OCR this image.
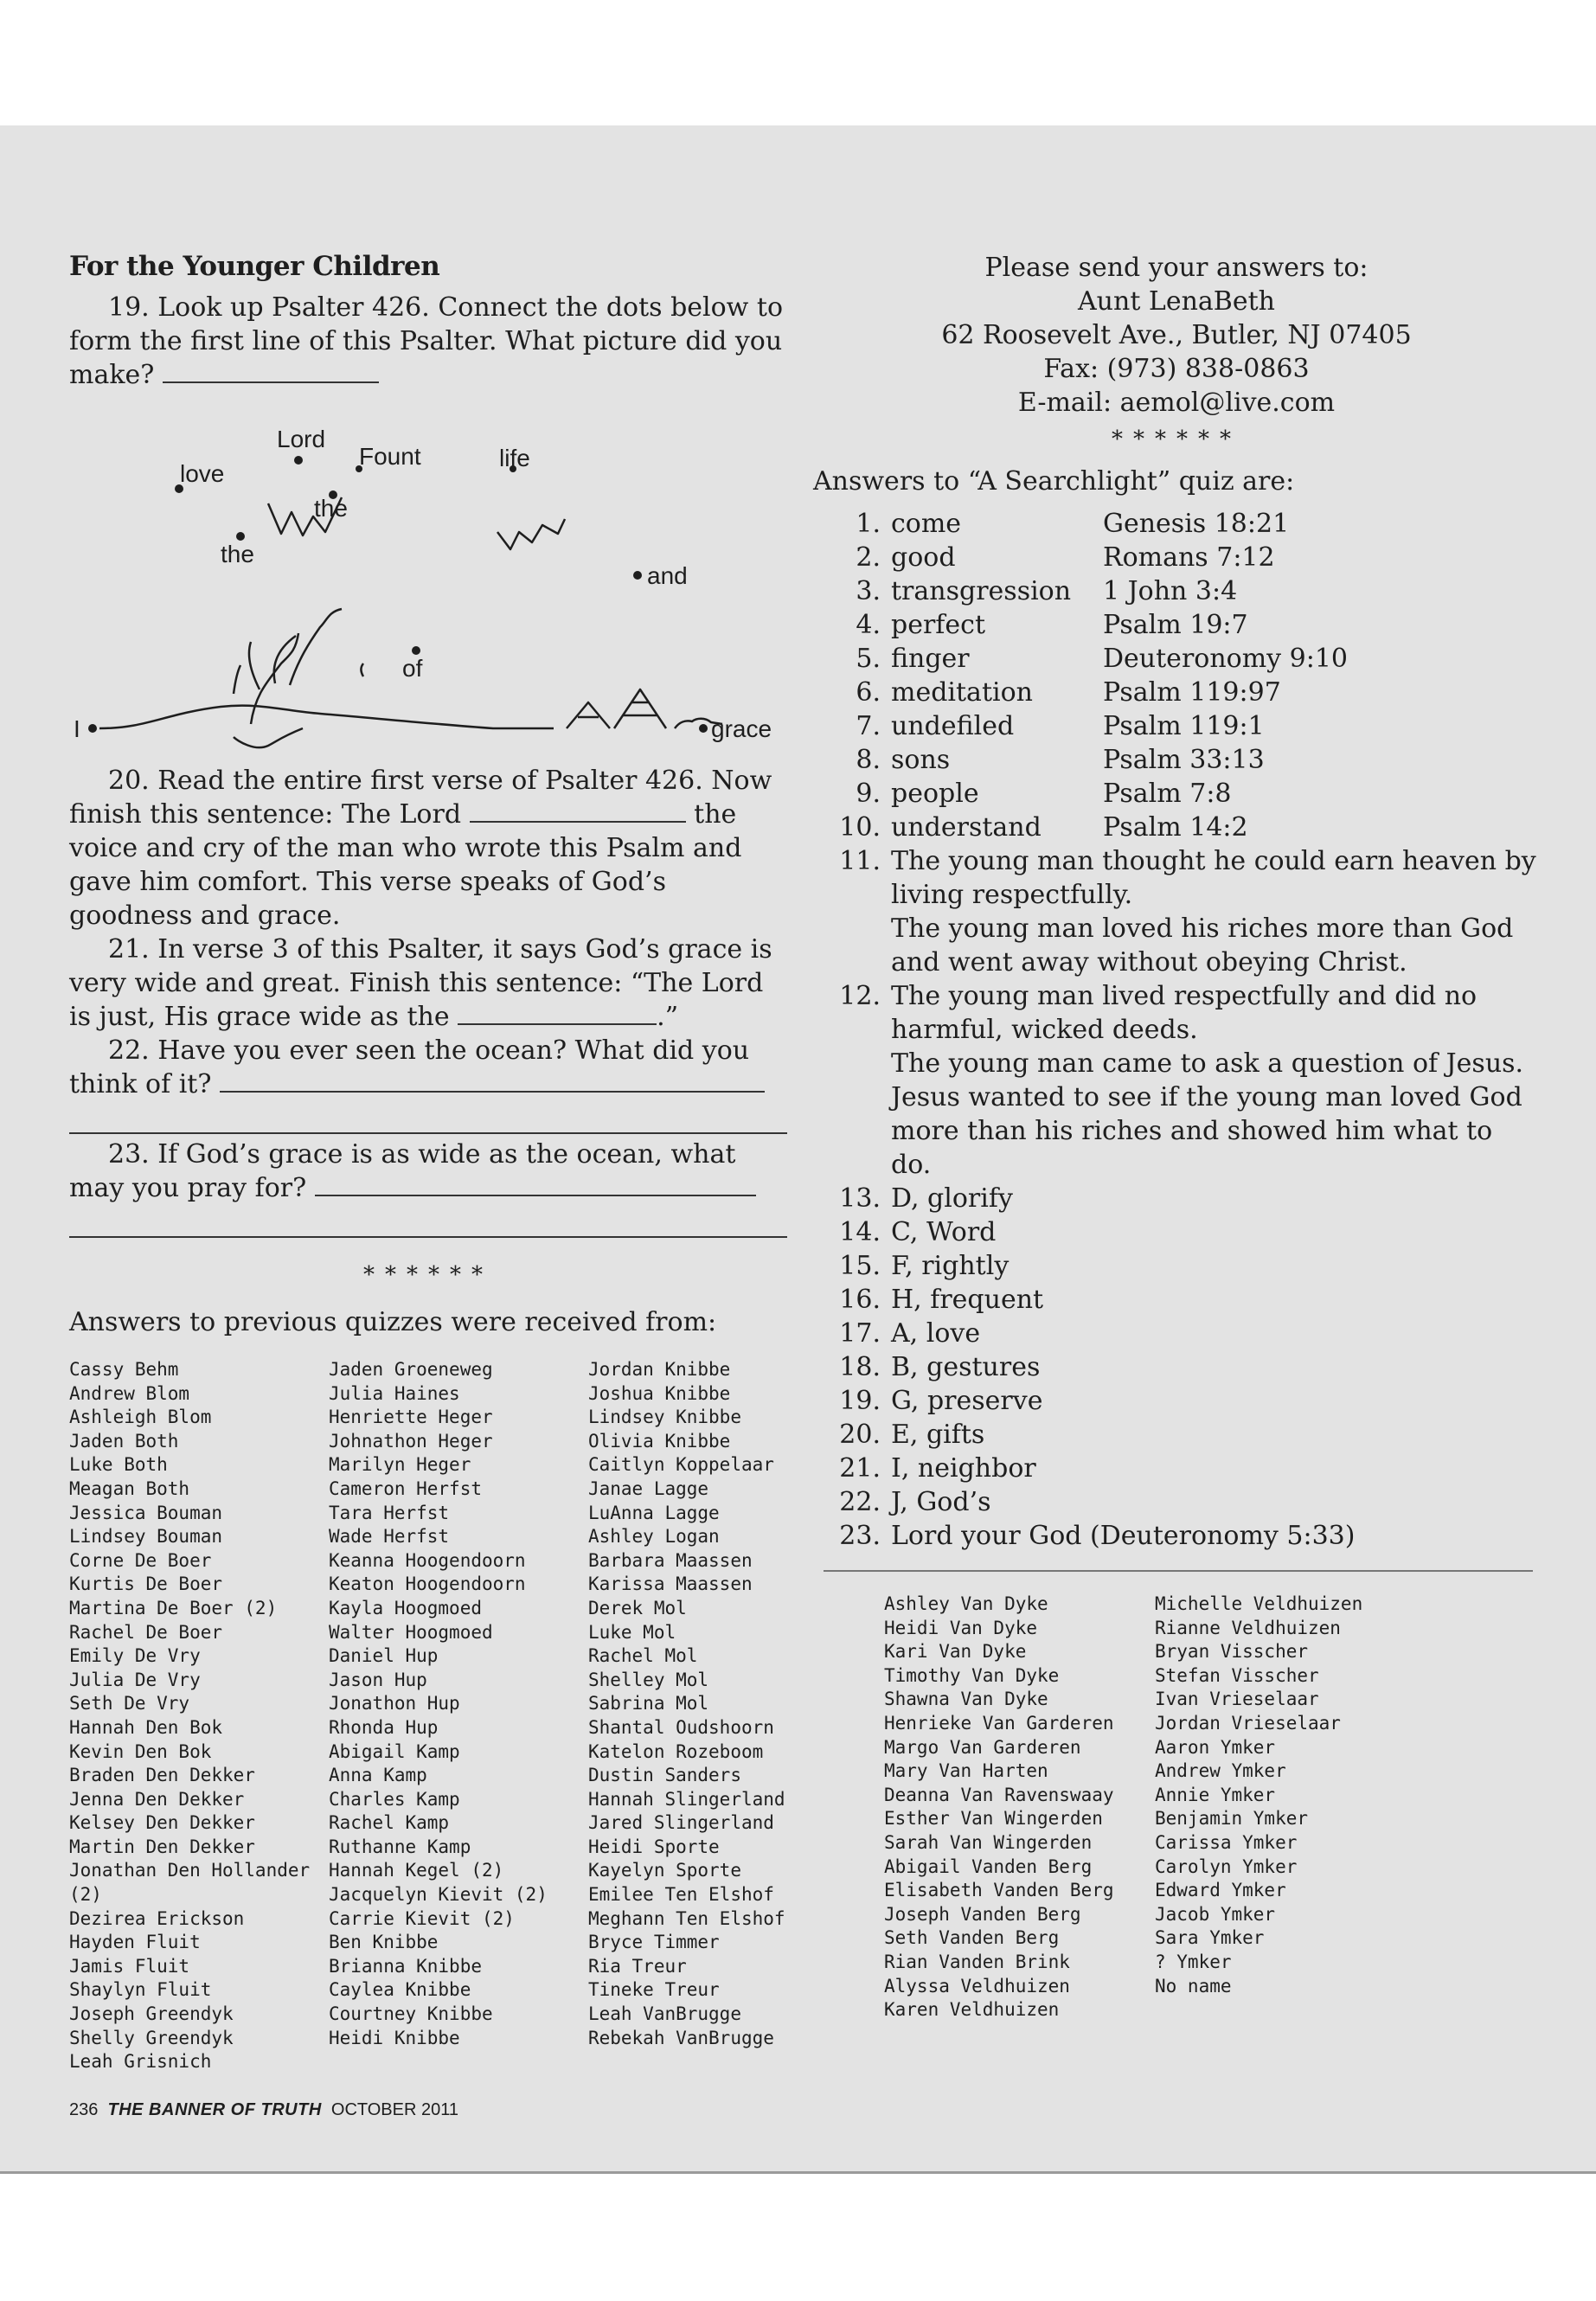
For the Younger Children

19. Look up Psalter 426. Connect the dots below to form the first line of this Psalter. What picture did you make?

Lord
Fount	life
love
the
the
and
of
I	grace

20. Read the entire first verse of Psalter 426. Now finish this sentence: The Lord	the voice and cry of the man who wrote this Psalm and gave him comfort. This verse speaks of God’s goodness and grace.

21. In verse 3 of this Psalter, it says God’s grace is very wide and great. Finish this sentence: “The Lord is just, His grace wide as the	.”

22. Have you ever seen the ocean? What did you think of it?

23. If God’s grace is as wide as the ocean, what may you pray for?

******

Answers to previous quizzes were received from:

Cassy Behm
Andrew Blom
Ashleigh Blom
Jaden Both
Luke Both
Meagan Both
Jessica Bouman
Lindsey Bouman
Corne De Boer
Kurtis De Boer
Martina De Boer (2)
Rachel De Boer
Emily De Vry
Julia De Vry
Seth De Vry
Hannah Den Bok
Kevin Den Bok
Braden Den Dekker
Jenna Den Dekker
Kelsey Den Dekker
Martin Den Dekker
Jonathan Den Hollander (2)
Dezirea Erickson
Hayden Fluit
Jamis Fluit
Shaylyn Fluit
Joseph Greendyk
Shelly Greendyk
Leah Grisnich
Jaden Groeneweg
Julia Haines
Henriette Heger
Johnathon Heger
Marilyn Heger
Cameron Herfst
Tara Herfst
Wade Herfst
Keanna Hoogendoorn
Keaton Hoogendoorn
Kayla Hoogmoed
Walter Hoogmoed
Daniel Hup
Jason Hup
Jonathon Hup
Rhonda Hup
Abigail Kamp
Anna Kamp
Charles Kamp
Rachel Kamp
Ruthanne Kamp
Hannah Kegel (2)
Jacquelyn Kievit (2)
Carrie Kievit (2)
Ben Knibbe
Brianna Knibbe
Caylea Knibbe
Courtney Knibbe
Heidi Knibbe
Jordan Knibbe
Joshua Knibbe
Lindsey Knibbe
Olivia Knibbe
Caitlyn Koppelaar
Janae Lagge
LuAnna Lagge
Ashley Logan
Barbara Maassen
Karissa Maassen
Derek Mol
Luke Mol
Rachel Mol
Shelley Mol
Sabrina Mol
Shantal Oudshoorn
Katelon Rozeboom
Dustin Sanders
Hannah Slingerland
Jared Slingerland
Heidi Sporte
Kayelyn Sporte
Emilee Ten Elshof
Meghann Ten Elshof
Bryce Timmer
Ria Treur
Tineke Treur
Leah VanBrugge
Rebekah VanBrugge
Please send your answers to:
Aunt LenaBeth
62 Roosevelt Ave., Butler, NJ 07405
Fax: (973) 838-0863
E-mail: aemol@live.com
******

Answers to “A Searchlight” quiz are:

1. come	Genesis 18:21
2. good	Romans 7:12
3. transgression	1 John 3:4
4. perfect	Psalm 19:7
5. finger	Deuteronomy 9:10
6. meditation	Psalm 119:97
7. undefiled	Psalm 119:1
8. sons	Psalm 33:13
9. people	Psalm 7:8
10. understand	Psalm 14:2
11. The young man thought he could earn heaven by living respectfully.
The young man loved his riches more than God and went away without obeying Christ.
12. The young man lived respectfully and did no harmful, wicked deeds.
The young man came to ask a question of Jesus. Jesus wanted to see if the young man loved God more than his riches and showed him what to do.
13. D, glorify
14. C, Word
15. F, rightly
16. H, frequent
17. A, love
18. B, gestures
19. G, preserve
20. E, gifts
21. I, neighbor
22. J, God’s
23. Lord your God (Deuteronomy 5:33)
Ashley Van Dyke
Heidi Van Dyke
Kari Van Dyke
Timothy Van Dyke
Shawna Van Dyke
Henrieke Van Garderen
Margo Van Garderen
Mary Van Harten
Deanna Van Ravenswaay
Esther Van Wingerden
Sarah Van Wingerden
Abigail Vanden Berg
Elisabeth Vanden Berg
Joseph Vanden Berg
Seth Vanden Berg
Rian Vanden Brink
Alyssa Veldhuizen
Karen Veldhuizen
Michelle Veldhuizen
Rianne Veldhuizen
Bryan Visscher
Stefan Visscher
Ivan Vrieselaar
Jordan Vrieselaar
Aaron Ymker
Andrew Ymker
Annie Ymker
Benjamin Ymker
Carissa Ymker
Carolyn Ymker
Edward Ymker
Jacob Ymker
Sara Ymker
? Ymker
No name
236 THE BANNER OF TRUTH OCTOBER 2011
